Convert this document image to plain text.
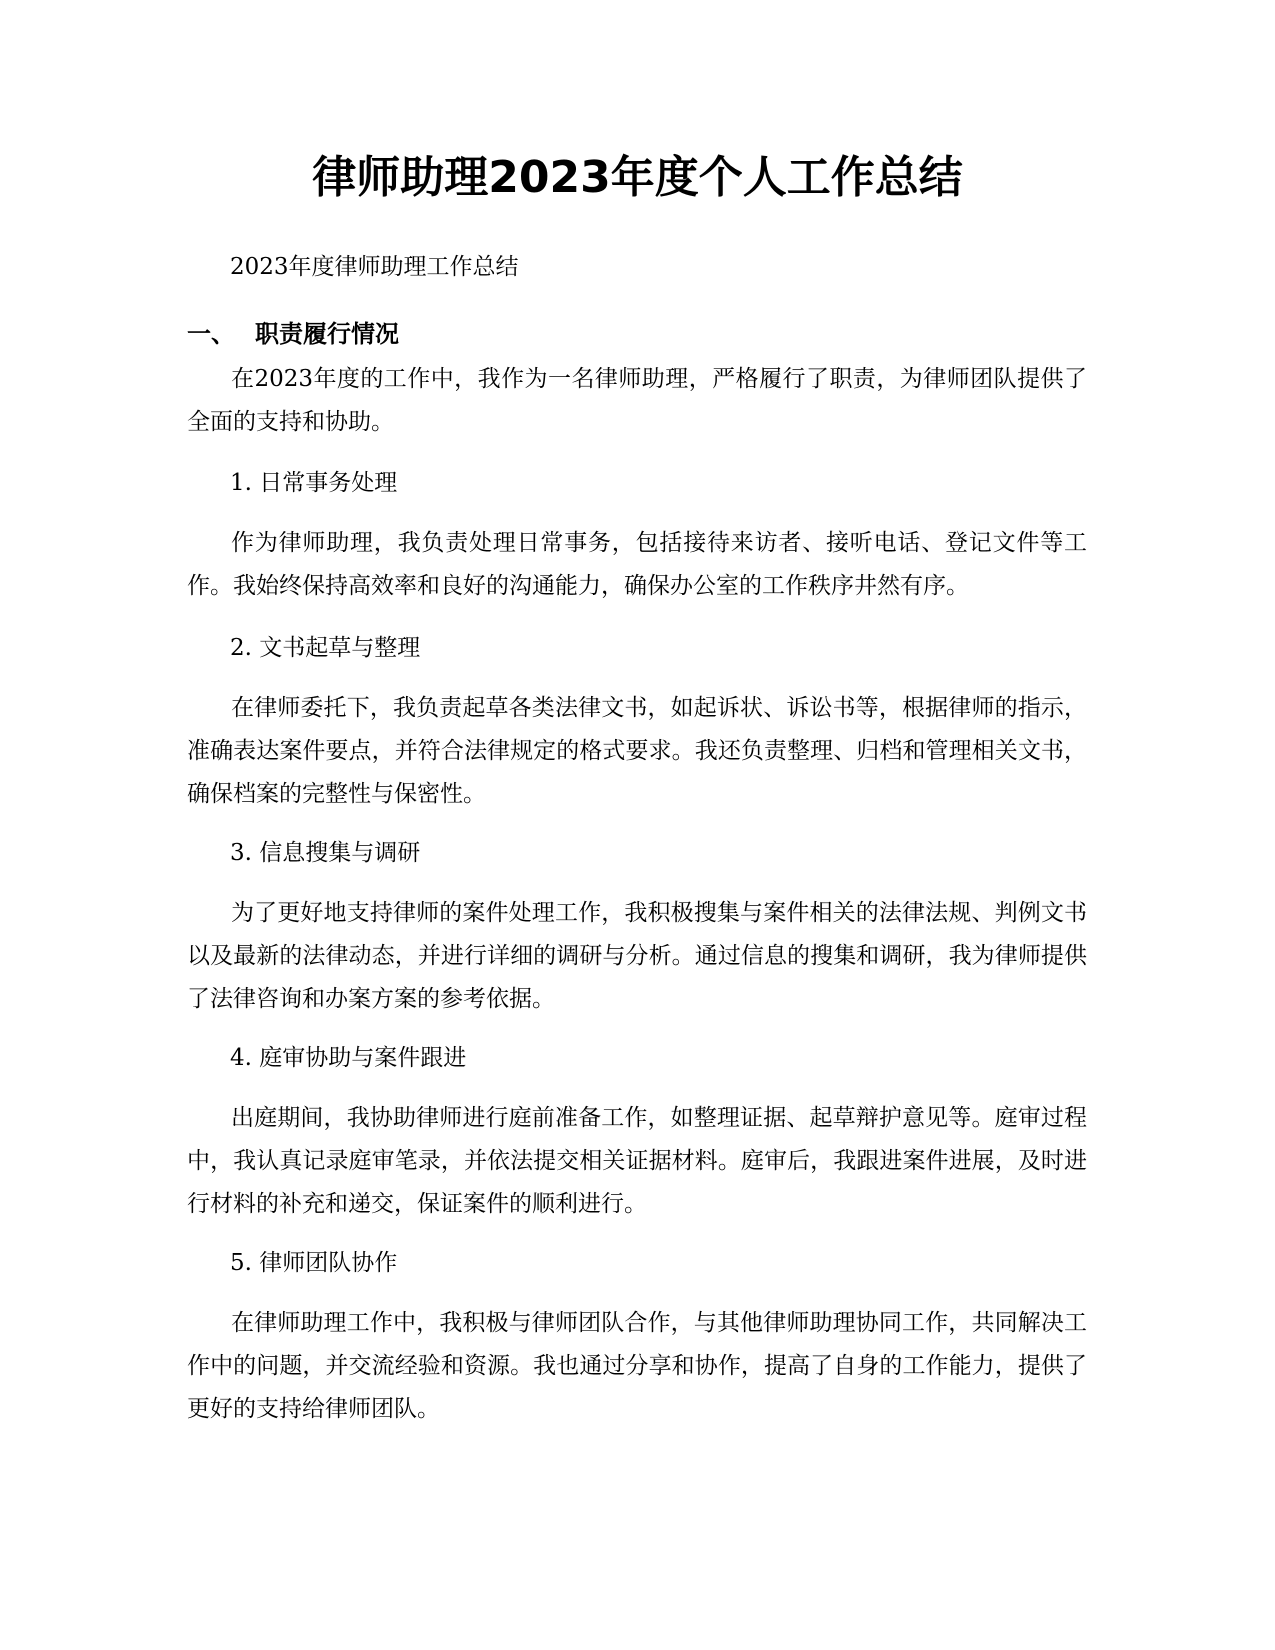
律师助理2023年度个人工作总结

2023年度律师助理工作总结

一、 职责履行情况

在2023年度的工作中，我作为一名律师助理，严格履行了职责，为律师团队提供了全面的支持和协助。

1. 日常事务处理

作为律师助理，我负责处理日常事务，包括接待来访者、接听电话、登记文件等工作。我始终保持高效率和良好的沟通能力，确保办公室的工作秩序井然有序。

2. 文书起草与整理

在律师委托下，我负责起草各类法律文书，如起诉状、诉讼书等，根据律师的指示，准确表达案件要点，并符合法律规定的格式要求。我还负责整理、归档和管理相关文书，确保档案的完整性与保密性。

3. 信息搜集与调研

为了更好地支持律师的案件处理工作，我积极搜集与案件相关的法律法规、判例文书以及最新的法律动态，并进行详细的调研与分析。通过信息的搜集和调研，我为律师提供了法律咨询和办案方案的参考依据。

4. 庭审协助与案件跟进

出庭期间，我协助律师进行庭前准备工作，如整理证据、起草辩护意见等。庭审过程中，我认真记录庭审笔录，并依法提交相关证据材料。庭审后，我跟进案件进展，及时进行材料的补充和递交，保证案件的顺利进行。

5. 律师团队协作

在律师助理工作中，我积极与律师团队合作，与其他律师助理协同工作，共同解决工作中的问题，并交流经验和资源。我也通过分享和协作，提高了自身的工作能力，提供了更好的支持给律师团队。
